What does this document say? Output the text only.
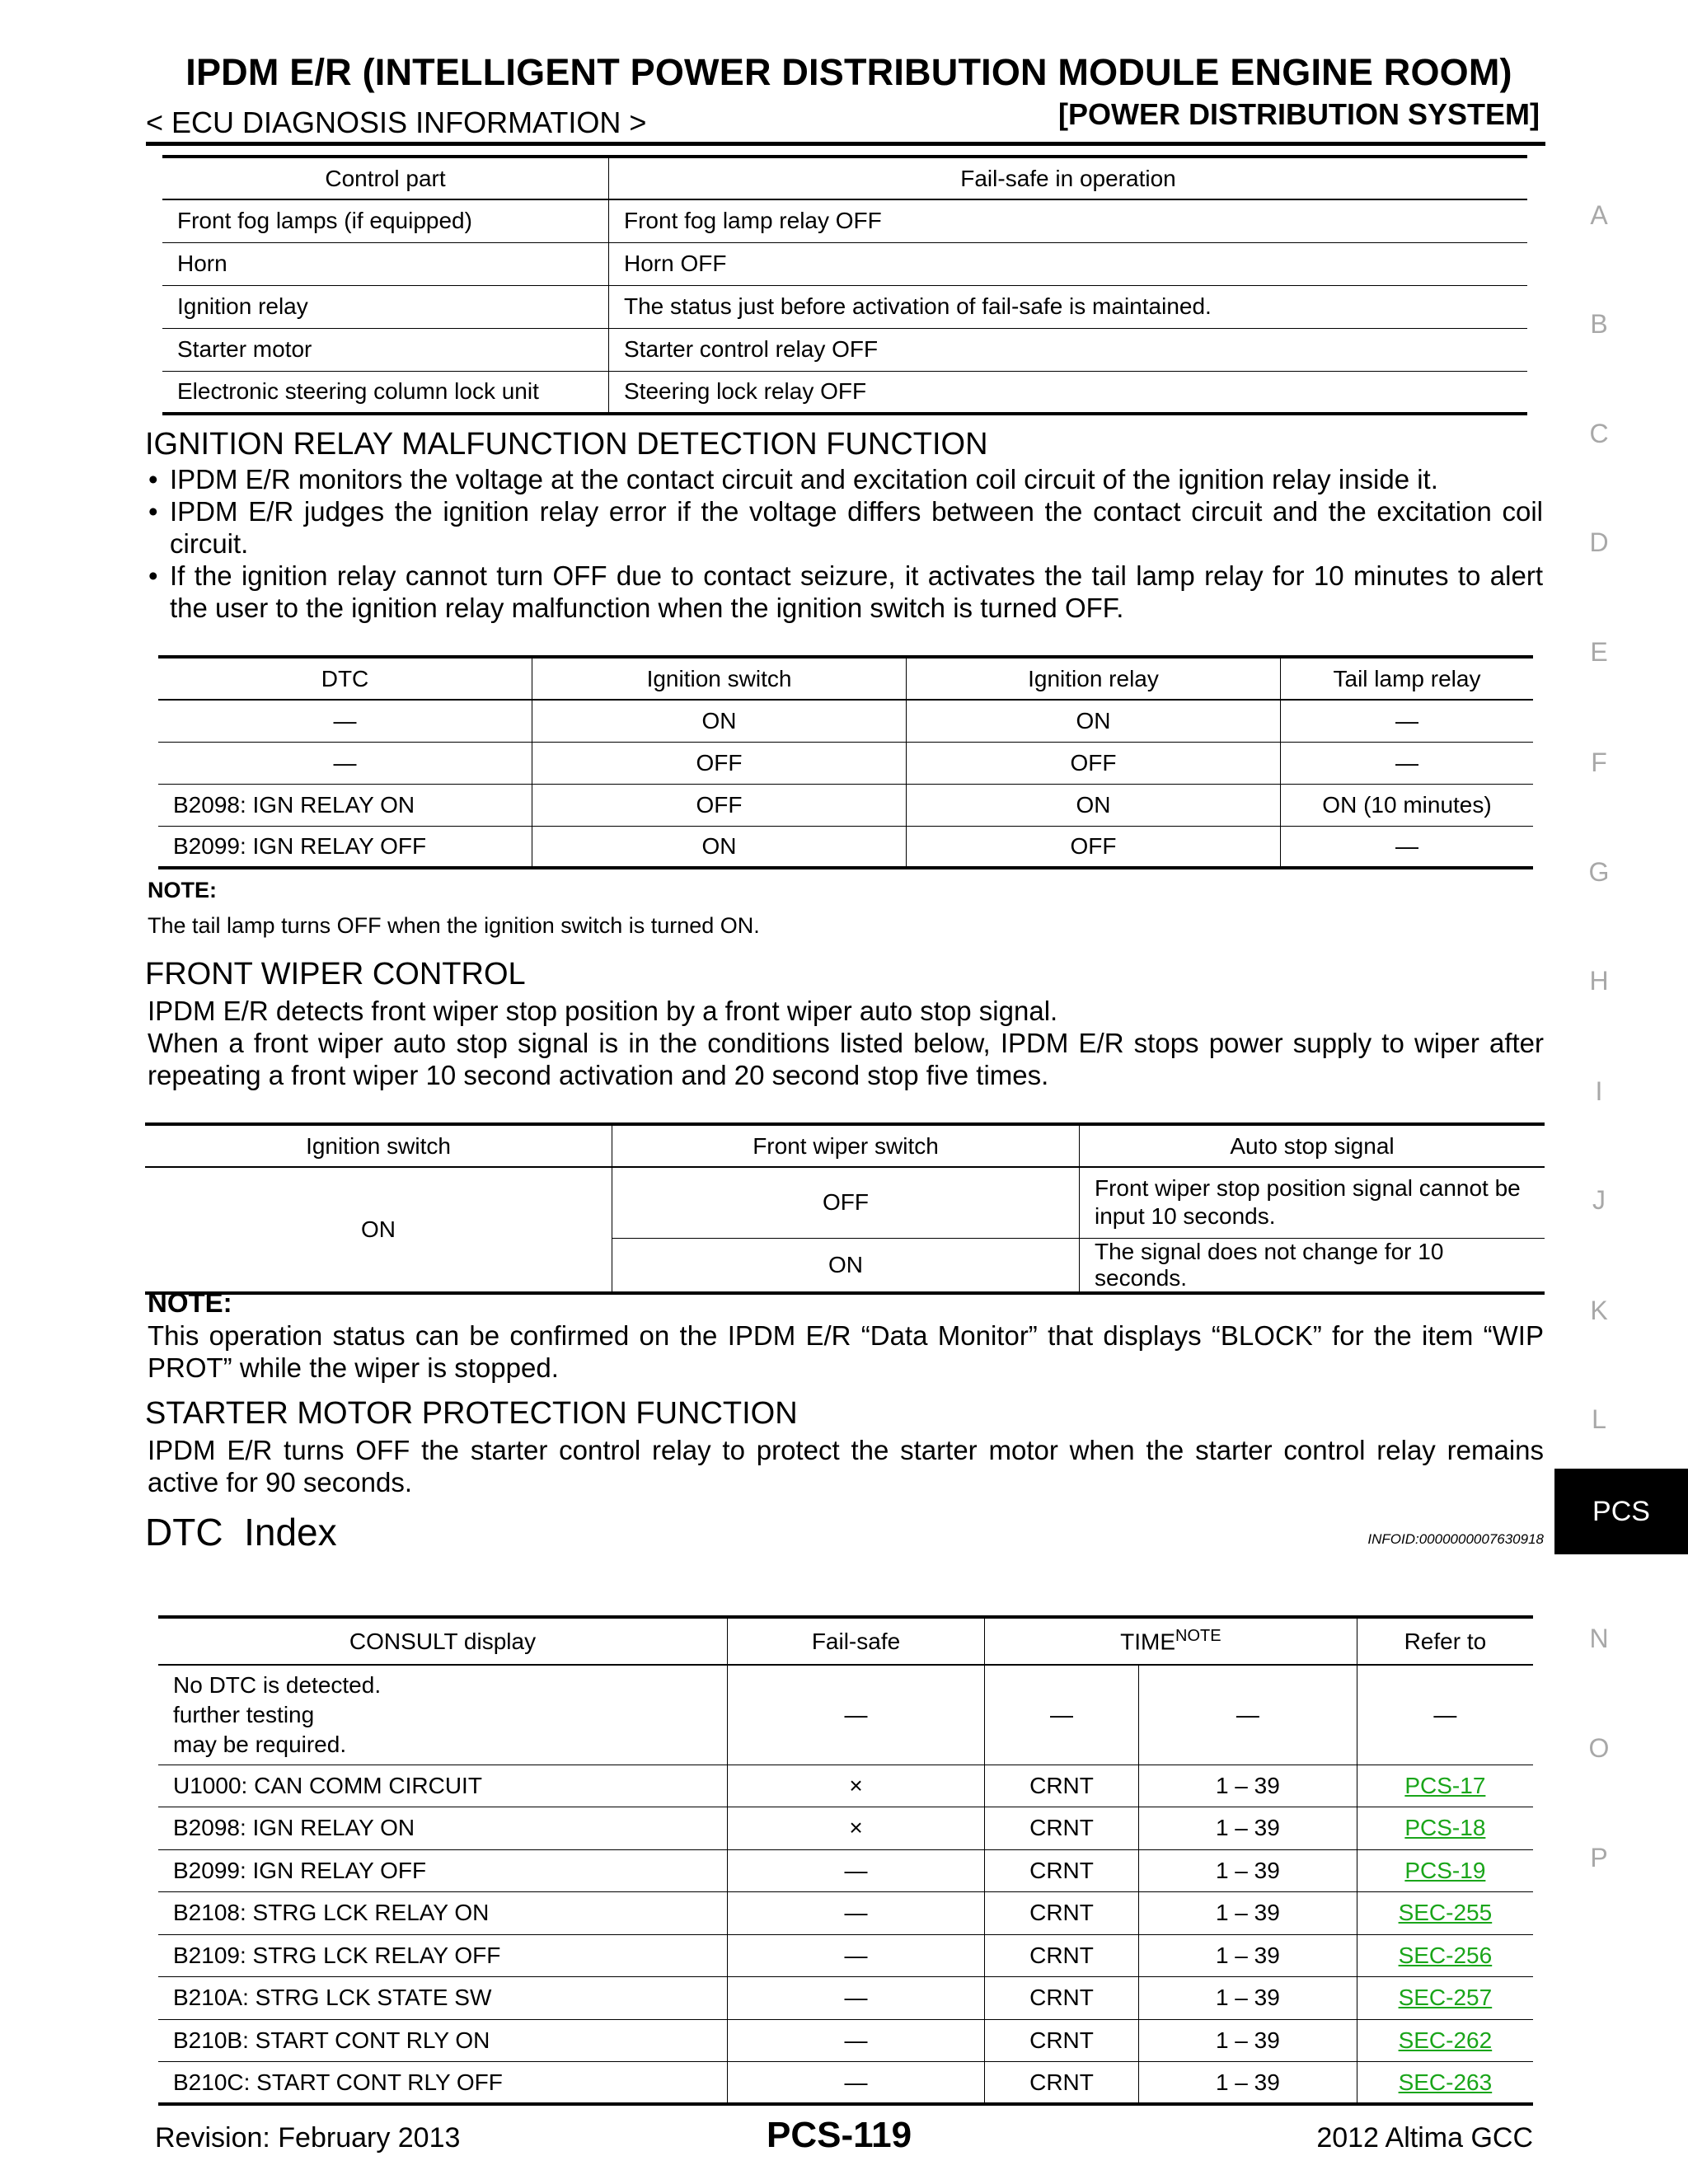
IPDM E/R (INTELLIGENT POWER DISTRIBUTION MODULE ENGINE ROOM)
< ECU DIAGNOSIS INFORMATION >	[POWER DISTRIBUTION SYSTEM]
Control part	Fail-safe in operation
Front fog lamps (if equipped)	Front fog lamp relay OFF
Horn	Horn OFF
Ignition relay	The status just before activation of fail-safe is maintained.
Starter motor	Starter control relay OFF
Electronic steering column lock unit	Steering lock relay OFF
IGNITION RELAY MALFUNCTION DETECTION FUNCTION
• IPDM E/R monitors the voltage at the contact circuit and excitation coil circuit of the ignition relay inside it.
• IPDM E/R judges the ignition relay error if the voltage differs between the contact circuit and the excitation coil circuit.
• If the ignition relay cannot turn OFF due to contact seizure, it activates the tail lamp relay for 10 minutes to alert the user to the ignition relay malfunction when the ignition switch is turned OFF.
DTC	Ignition switch	Ignition relay	Tail lamp relay
—	ON	ON	—
—	OFF	OFF	—
B2098: IGN RELAY ON	OFF	ON	ON (10 minutes)
B2099: IGN RELAY OFF	ON	OFF	—
NOTE:
The tail lamp turns OFF when the ignition switch is turned ON.
FRONT WIPER CONTROL
IPDM E/R detects front wiper stop position by a front wiper auto stop signal.
When a front wiper auto stop signal is in the conditions listed below, IPDM E/R stops power supply to wiper after repeating a front wiper 10 second activation and 20 second stop five times.
Ignition switch	Front wiper switch	Auto stop signal
ON	OFF	Front wiper stop position signal cannot be input 10 seconds.
	ON	The signal does not change for 10 seconds.
NOTE:
This operation status can be confirmed on the IPDM E/R “Data Monitor” that displays “BLOCK” for the item “WIP PROT” while the wiper is stopped.
STARTER MOTOR PROTECTION FUNCTION
IPDM E/R turns OFF the starter control relay to protect the starter motor when the starter control relay remains active for 90 seconds.
DTC  Index	INFOID:0000000007630918
CONSULT display	Fail-safe	$TIME^{NOTE}$		Refer to

No DTC is detected.
further testing
may be required.	—	—	—	—
U1000: CAN COMM CIRCUIT	×	CRNT	1 – 39	PCS-17
B2098: IGN RELAY ON	×	CRNT	1 – 39	PCS-18
B2099: IGN RELAY OFF	—	CRNT	1 – 39	PCS-19
B2108: STRG LCK RELAY ON	—	CRNT	1 – 39	SEC-255
B2109: STRG LCK RELAY OFF	—	CRNT	1 – 39	SEC-256
B210A: STRG LCK STATE SW	—	CRNT	1 – 39	SEC-257
B210B: START CONT RLY ON	—	CRNT	1 – 39	SEC-262
B210C: START CONT RLY OFF	—	CRNT	1 – 39	SEC-263
A
B
C
D
E
F
G
H
I
J
K
L
N
O
P
PCS
Revision: February 2013	PCS-119	2012 Altima GCC
